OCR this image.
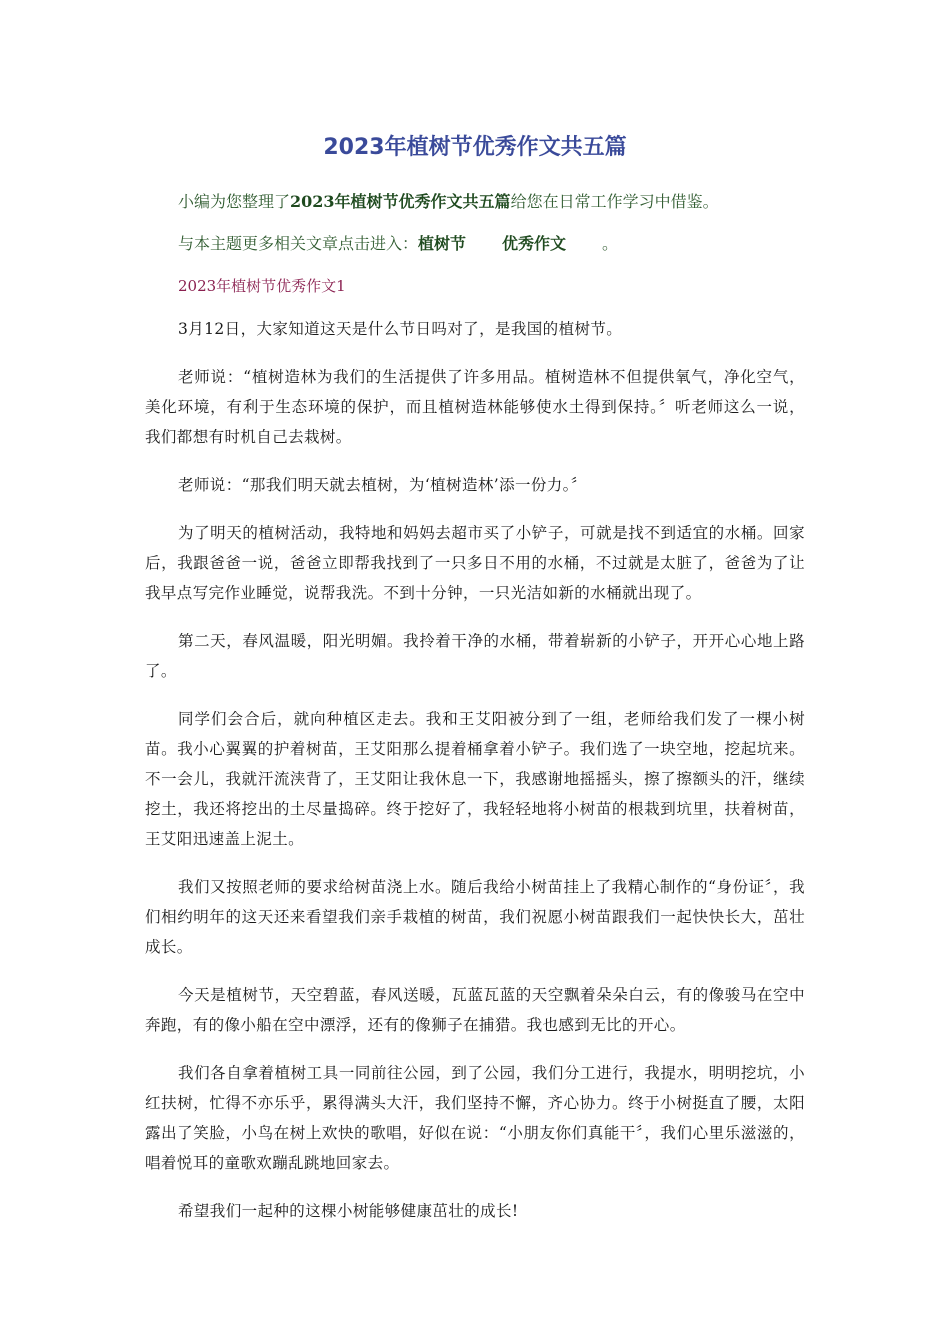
2023年植树节优秀作文共五篇

小编为您整理了2023年植树节优秀作文共五篇给您在日常工作学习中借鉴。

与本主题更多相关文章点击进入：植树节 优秀作文 。

2023年植树节优秀作文1

3月12日，大家知道这天是什么节日吗对了，是我国的植树节。

老师说：“植树造林为我们的生活提供了许多用品。植树造林不但提供氧气，净化空气，美化环境，有利于生态环境的保护，而且植树造林能够使水土得到保持。〞听老师这么一说，我们都想有时机自己去栽树。

老师说：“那我们明天就去植树，为‘植树造林’添一份力。〞

为了明天的植树活动，我特地和妈妈去超市买了小铲子，可就是找不到适宜的水桶。回家后，我跟爸爸一说，爸爸立即帮我找到了一只多日不用的水桶，不过就是太脏了，爸爸为了让我早点写完作业睡觉，说帮我洗。不到十分钟，一只光洁如新的水桶就出现了。

第二天，春风温暖，阳光明媚。我拎着干净的水桶，带着崭新的小铲子，开开心心地上路了。

同学们会合后，就向种植区走去。我和王艾阳被分到了一组，老师给我们发了一棵小树苗。我小心翼翼的护着树苗，王艾阳那么提着桶拿着小铲子。我们选了一块空地，挖起坑来。不一会儿，我就汗流浃背了，王艾阳让我休息一下，我感谢地摇摇头，擦了擦额头的汗，继续挖土，我还将挖出的土尽量捣碎。终于挖好了，我轻轻地将小树苗的根栽到坑里，扶着树苗，王艾阳迅速盖上泥土。

我们又按照老师的要求给树苗浇上水。随后我给小树苗挂上了我精心制作的“身份证〞，我们相约明年的这天还来看望我们亲手栽植的树苗，我们祝愿小树苗跟我们一起快快长大，茁壮成长。

今天是植树节，天空碧蓝，春风送暖，瓦蓝瓦蓝的天空飘着朵朵白云，有的像骏马在空中奔跑，有的像小船在空中漂浮，还有的像狮子在捕猎。我也感到无比的开心。

我们各自拿着植树工具一同前往公园，到了公园，我们分工进行，我提水，明明挖坑，小红扶树，忙得不亦乐乎，累得满头大汗，我们坚持不懈，齐心协力。终于小树挺直了腰，太阳露出了笑脸，小鸟在树上欢快的歌唱，好似在说：“小朋友你们真能干〞，我们心里乐滋滋的，唱着悦耳的童歌欢蹦乱跳地回家去。

希望我们一起种的这棵小树能够健康茁壮的成长!
